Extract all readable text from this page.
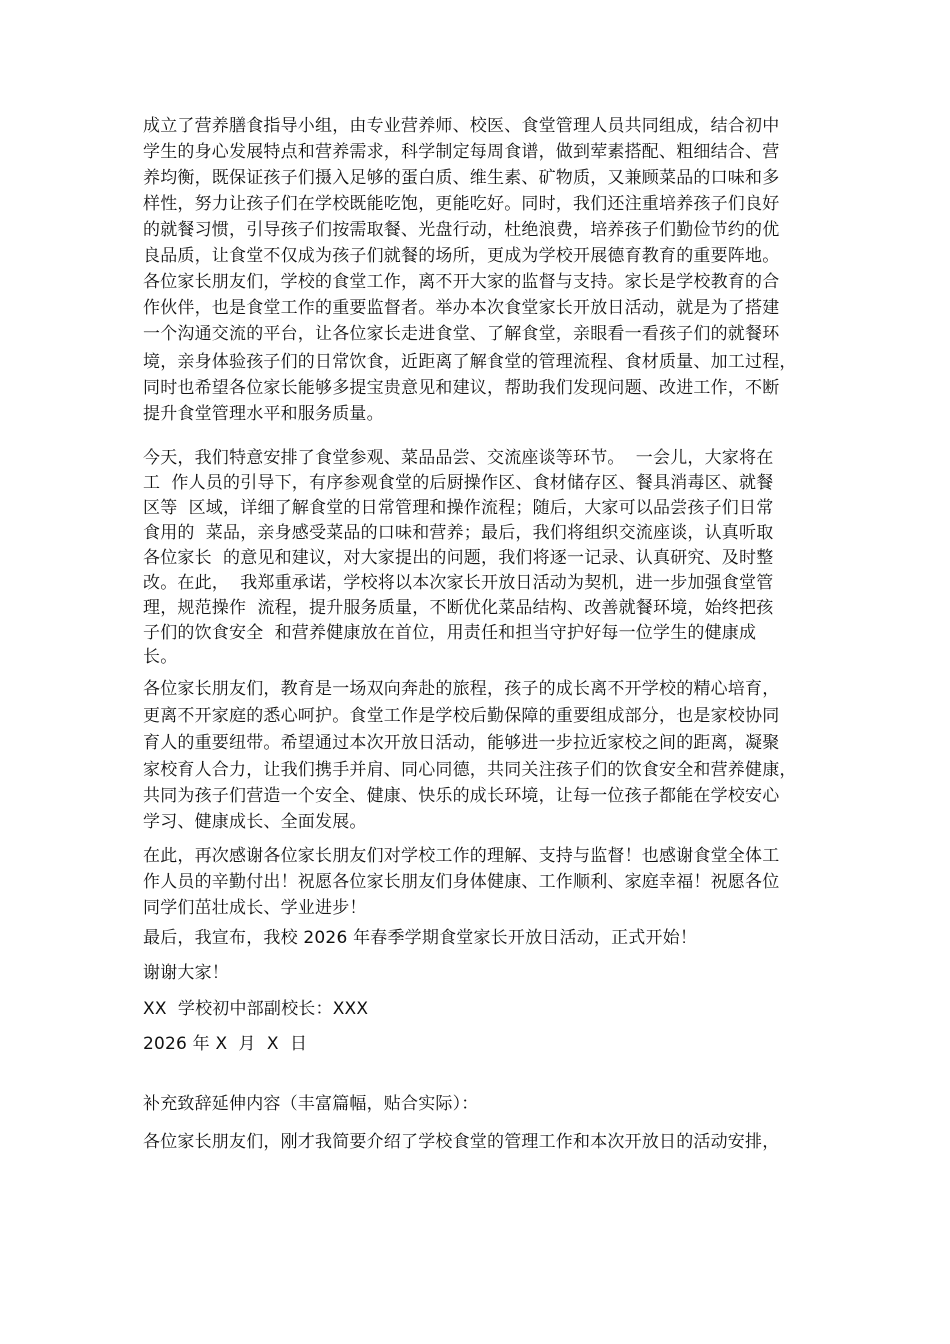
成立了营养膳食指导小组，由专业营养师、校医、食堂管理人员共同组成，结合初中
学生的身心发展特点和营养需求，科学制定每周食谱，做到荤素搭配、粗细结合、营
养均衡，既保证孩子们摄入足够的蛋白质、维生素、矿物质，又兼顾菜品的口味和多
样性，努力让孩子们在学校既能吃饱，更能吃好。同时，我们还注重培养孩子们良好
的就餐习惯，引导孩子们按需取餐、光盘行动，杜绝浪费，培养孩子们勤俭节约的优
良品质，让食堂不仅成为孩子们就餐的场所，更成为学校开展德育教育的重要阵地。
各位家长朋友们，学校的食堂工作，离不开大家的监督与支持。家长是学校教育的合
作伙伴，也是食堂工作的重要监督者。举办本次食堂家长开放日活动，就是为了搭建
一个沟通交流的平台，让各位家长走进食堂、了解食堂，亲眼看一看孩子们的就餐环
境，亲身体验孩子们的日常饮食，近距离了解食堂的管理流程、食材质量、加工过程，
同时也希望各位家长能够多提宝贵意见和建议，帮助我们发现问题、改进工作，不断
提升食堂管理水平和服务质量。
今天，我们特意安排了食堂参观、菜品品尝、交流座谈等环节。  一会儿，大家将在
工  作人员的引导下，有序参观食堂的后厨操作区、食材储存区、餐具消毒区、就餐
区等  区域，详细了解食堂的日常管理和操作流程；随后，大家可以品尝孩子们日常
食用的  菜品，亲身感受菜品的口味和营养；最后，我们将组织交流座谈，认真听取
各位家长  的意见和建议，对大家提出的问题，我们将逐一记录、认真研究、及时整
改。在此，  我郑重承诺，学校将以本次家长开放日活动为契机，进一步加强食堂管
理，规范操作  流程，提升服务质量，不断优化菜品结构、改善就餐环境，始终把孩
子们的饮食安全  和营养健康放在首位，用责任和担当守护好每一位学生的健康成
长。
各位家长朋友们，教育是一场双向奔赴的旅程，孩子的成长离不开学校的精心培育，
更离不开家庭的悉心呵护。食堂工作是学校后勤保障的重要组成部分，也是家校协同
育人的重要纽带。希望通过本次开放日活动，能够进一步拉近家校之间的距离，凝聚
家校育人合力，让我们携手并肩、同心同德，共同关注孩子们的饮食安全和营养健康，
共同为孩子们营造一个安全、健康、快乐的成长环境，让每一位孩子都能在学校安心
学习、健康成长、全面发展。
在此，再次感谢各位家长朋友们对学校工作的理解、支持与监督！也感谢食堂全体工
作人员的辛勤付出！祝愿各位家长朋友们身体健康、工作顺利、家庭幸福！祝愿各位
同学们茁壮成长、学业进步！
最后，我宣布，我校 2026 年春季学期食堂家长开放日活动，正式开始！
谢谢大家！
XX  学校初中部副校长：XXX
2026 年 X  月  X  日
补充致辞延伸内容（丰富篇幅，贴合实际）：
各位家长朋友们，刚才我简要介绍了学校食堂的管理工作和本次开放日的活动安排，
